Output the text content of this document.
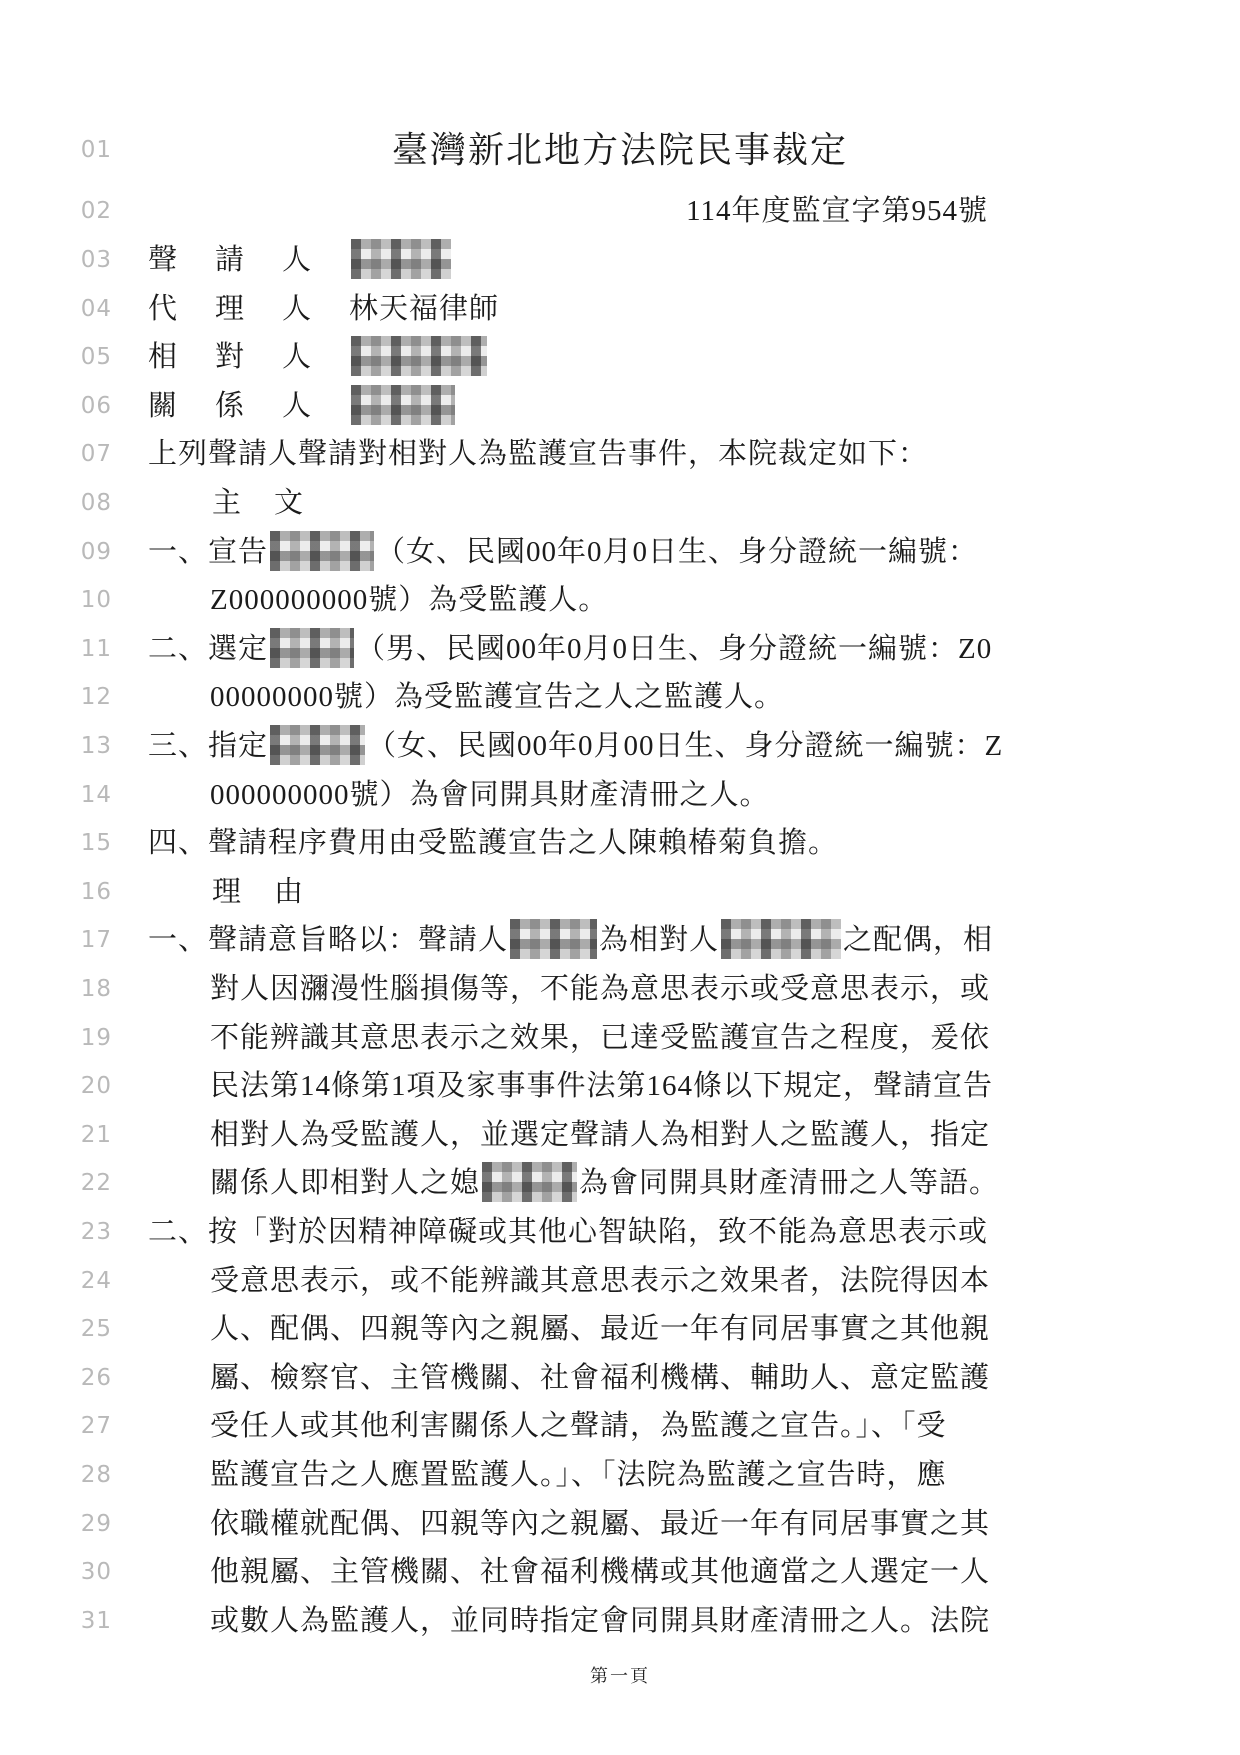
01	臺灣新北地方法院民事裁定
02	114年度監宣字第954號
03 聲請人
04 代理人林天福律師
05 相對人
06 關係人
07 上列聲請人聲請對相對人為監護宣告事件，本院裁定如下：
08	主　文
09 一、宣告	（女、民國00年0月0日生、身分證統一編號：
10	Z000000000號）為受監護人。
11 二、選定	（男、民國00年0月0日生、身分證統一編號：Z0
12	00000000號）為受監護宣告之人之監護人。
13 三、指定	（女、民國00年0月00日生、身分證統一編號：Z
14	000000000號）為會同開具財產清冊之人。
15 四、聲請程序費用由受監護宣告之人陳賴椿菊負擔。
16	理　由
17 一、聲請意旨略以：聲請人	為相對人	之配偶，相
18	對人因瀰漫性腦損傷等，不能為意思表示或受意思表示，或
19	不能辨識其意思表示之效果，已達受監護宣告之程度，爰依
20	民法第14條第1項及家事事件法第164條以下規定，聲請宣告
21	相對人為受監護人，並選定聲請人為相對人之監護人，指定
22	關係人即相對人之媳	為會同開具財產清冊之人等語。
23 二、按「對於因精神障礙或其他心智缺陷，致不能為意思表示或
24	受意思表示，或不能辨識其意思表示之效果者，法院得因本
25	人、配偶、四親等內之親屬、最近一年有同居事實之其他親
26	屬、檢察官、主管機關、社會福利機構、輔助人、意定監護
27	受任人或其他利害關係人之聲請，為監護之宣告。」、「受
28	監護宣告之人應置監護人。」、「法院為監護之宣告時，應
29	依職權就配偶、四親等內之親屬、最近一年有同居事實之其
30	他親屬、主管機關、社會福利機構或其他適當之人選定一人
31	或數人為監護人，並同時指定會同開具財產清冊之人。法院
第一頁
